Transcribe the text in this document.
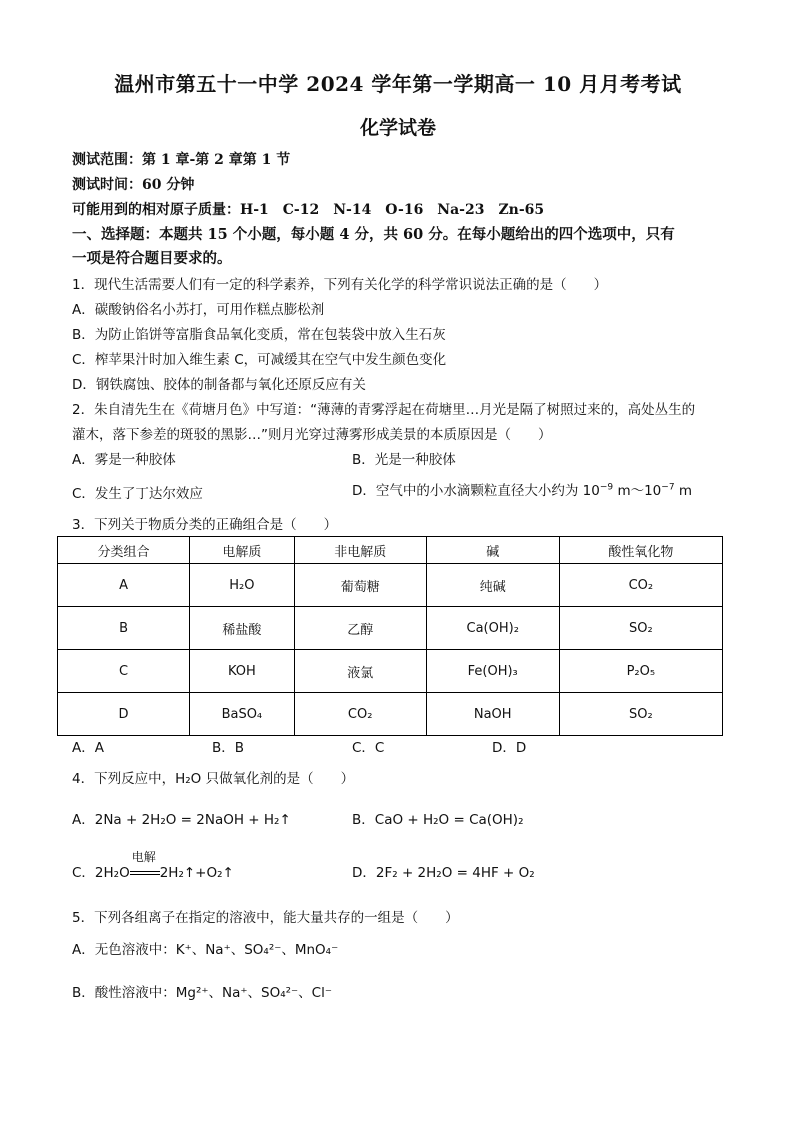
温州市第五十一中学 2024 学年第一学期高一 10 月月考考试
化学试卷
测试范围：第 1 章-第 2 章第 1 节
测试时间：60 分钟
可能用到的相对原子质量：H-1　C-12　N-14　O-16　Na-23　Zn-65
一、选择题：本题共 15 个小题，每小题 4 分，共 60 分。在每小题给出的四个选项中，只有
一项是符合题目要求的。
1．现代生活需要人们有一定的科学素养，下列有关化学的科学常识说法正确的是（　　）
A．碳酸钠俗名小苏打，可用作糕点膨松剂
B．为防止馅饼等富脂食品氧化变质，常在包装袋中放入生石灰
C．榨苹果汁时加入维生素 C，可减缓其在空气中发生颜色变化
D．钢铁腐蚀、胶体的制备都与氧化还原反应有关
2．朱自清先生在《荷塘月色》中写道：“薄薄的青雾浮起在荷塘里…月光是隔了树照过来的，高处丛生的
灌木，落下参差的斑驳的黑影…”则月光穿过薄雾形成美景的本质原因是（　　）
A．雾是一种胶体	B．光是一种胶体
C．发生了丁达尔效应	D．空气中的小水滴颗粒直径大小约为 $10^{-9}$ $m\sim 10^{-7}$ m
3．下列关于物质分类的正确组合是（　　）
分类组合	电解质	非电解质	碱	酸性氧化物
A	H₂O	葡萄糖	纯碱	CO₂
B	稀盐酸	乙醇	Ca(OH)₂	SO₂
C	KOH	液氯	Fe(OH)₃	P₂O₅
D	BaSO₄	CO₂	NaOH	SO₂
A．A	B．B	C．C	D．D
4．下列反应中，H₂O 只做氧化剂的是（　　）
A．2Na + 2H₂O = 2NaOH + H₂↑	B．CaO + H₂O = Ca(OH)₂
C．2H₂O
电解
2H₂↑+O₂↑	D．2F₂ + 2H₂O = 4HF + O₂
5．下列各组离子在指定的溶液中，能大量共存的一组是（　　）
A．无色溶液中：K⁺、Na⁺、SO₄²⁻、MnO₄⁻
B．酸性溶液中：Mg²⁺、Na⁺、SO₄²⁻、Cl⁻
